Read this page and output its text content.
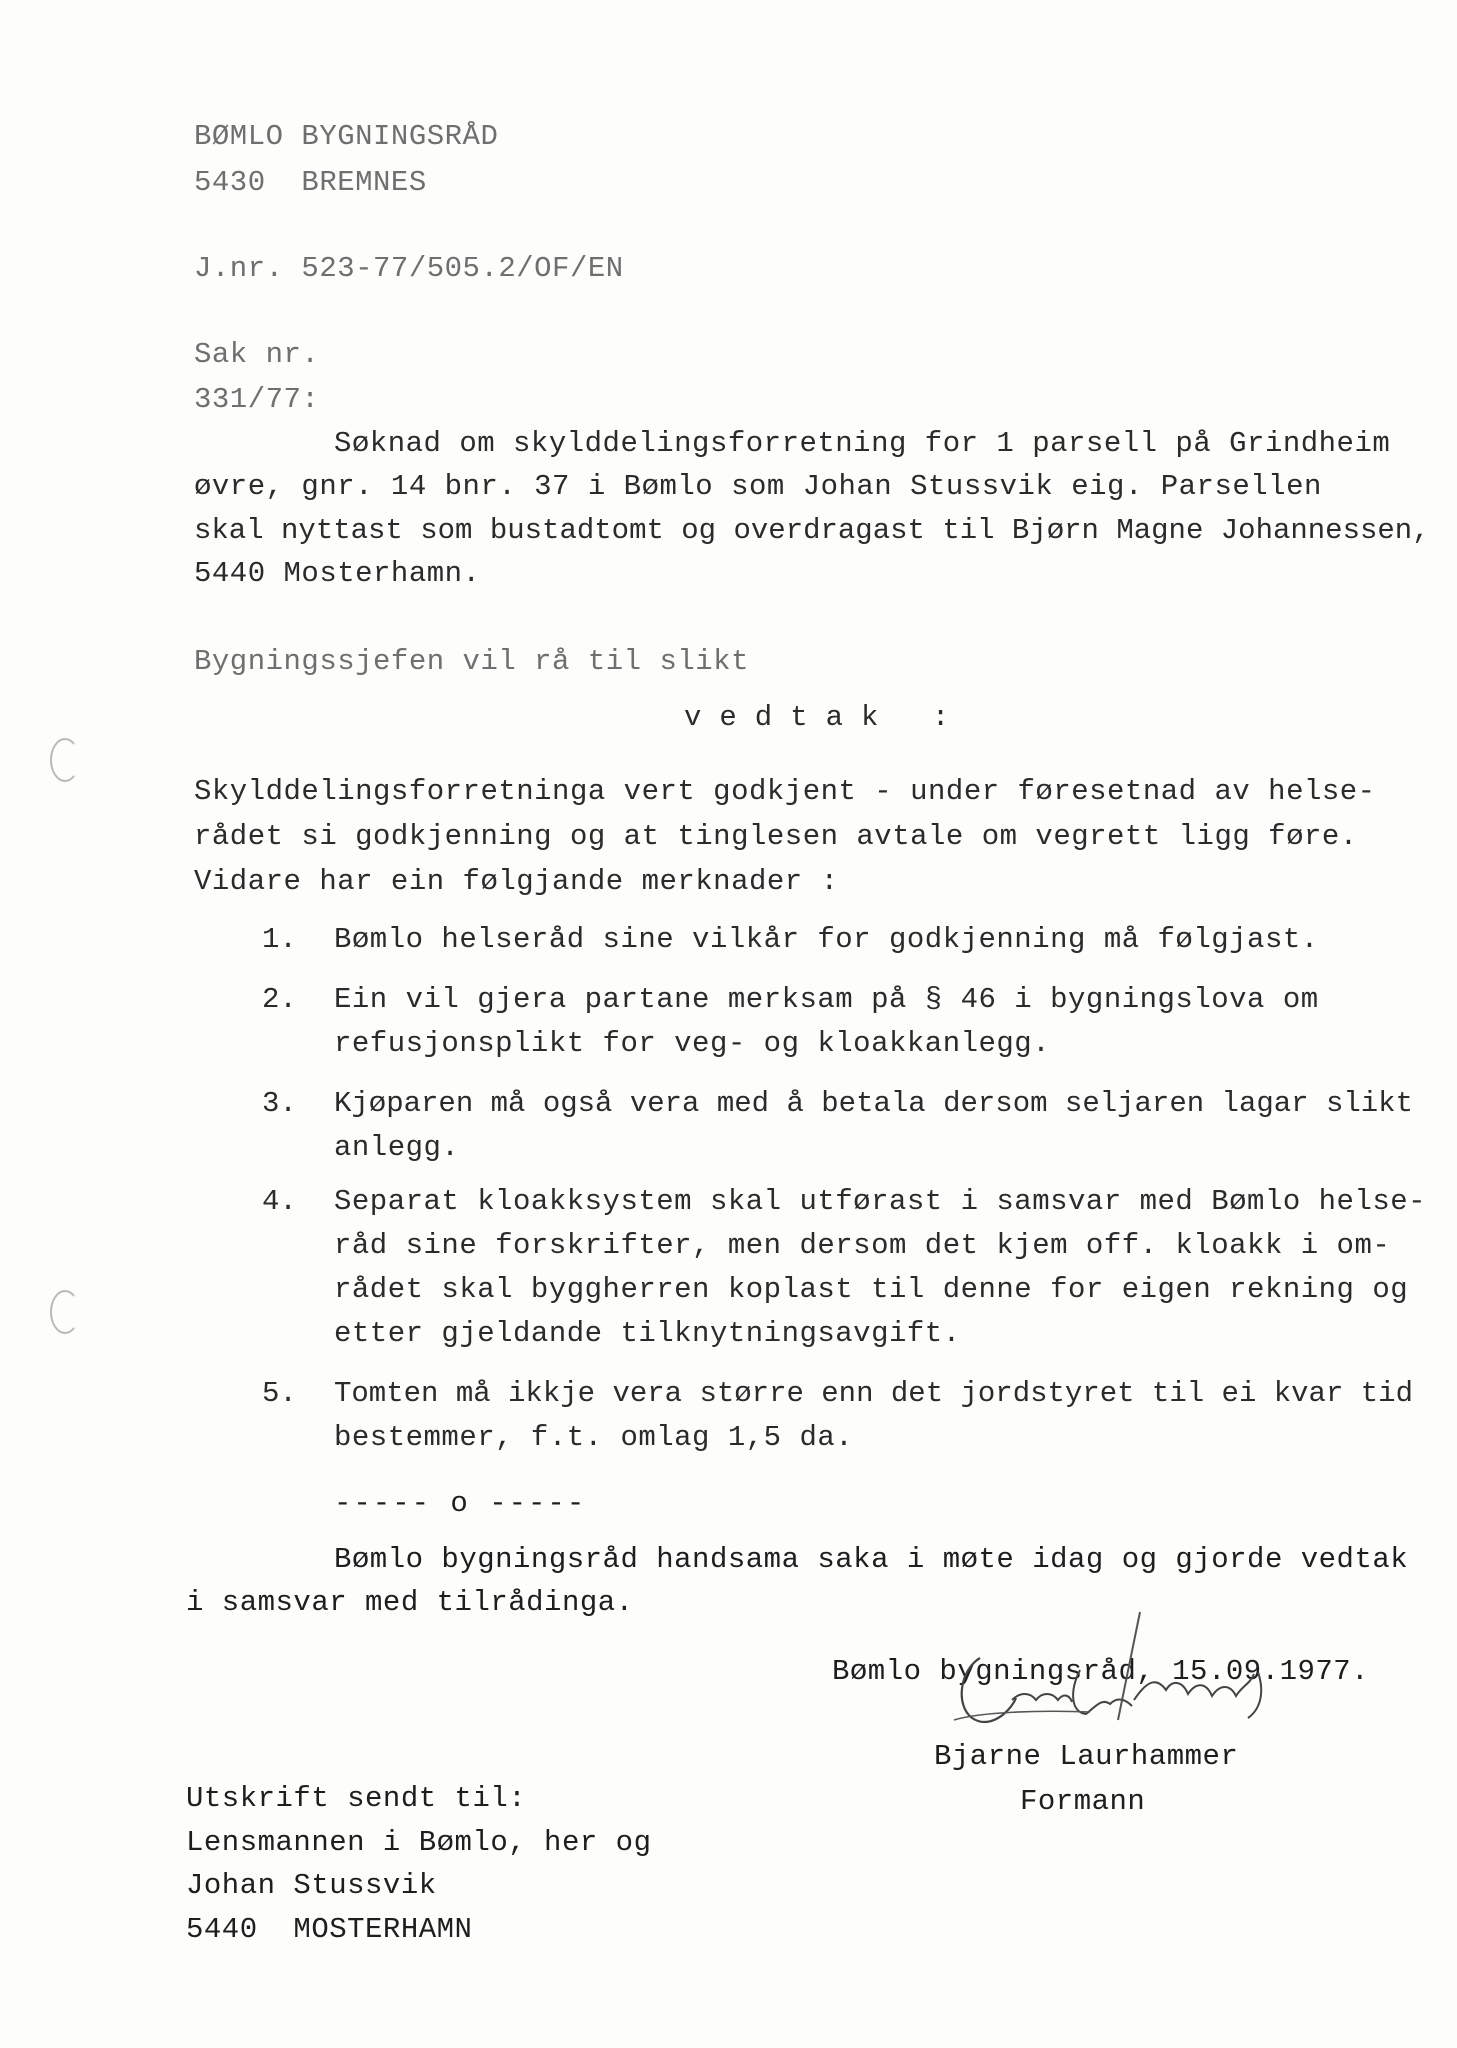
BØMLO BYGNINGSRÅD
5430  BREMNES
J.nr. 523-77/505.2/OF/EN
Sak nr.
331/77:
Søknad om skylddelingsforretning for 1 parsell på Grindheim
øvre, gnr. 14 bnr. 37 i Bømlo som Johan Stussvik eig. Parsellen
skal nyttast som bustadtomt og overdragast til Bjørn Magne Johannessen,
5440 Mosterhamn.
Bygningssjefen vil rå til slikt
vedtak :
Skylddelingsforretninga vert godkjent - under føresetnad av helse-
rådet si godkjenning og at tinglesen avtale om vegrett ligg føre.
Vidare har ein følgjande merknader :
1. Bømlo helseråd sine vilkår for godkjenning må følgjast.
2. Ein vil gjera partane merksam på § 46 i bygningslova om
refusjonsplikt for veg- og kloakkanlegg.
3. Kjøparen må også vera med å betala dersom seljaren lagar slikt
anlegg.
4. Separat kloakksystem skal utførast i samsvar med Bømlo helse-
råd sine forskrifter, men dersom det kjem off. kloakk i om-
rådet skal byggherren koplast til denne for eigen rekning og
etter gjeldande tilknytningsavgift.
5. Tomten må ikkje vera større enn det jordstyret til ei kvar tid
bestemmer, f.t. omlag 1,5 da.
----- o -----
Bømlo bygningsråd handsama saka i møte idag og gjorde vedtak
i samsvar med tilrådinga.
Bømlo bygningsråd, 15.09.1977.
Bjarne Laurhammer
Formann
Utskrift sendt til:
Lensmannen i Bømlo, her og
Johan Stussvik
5440  MOSTERHAMN
